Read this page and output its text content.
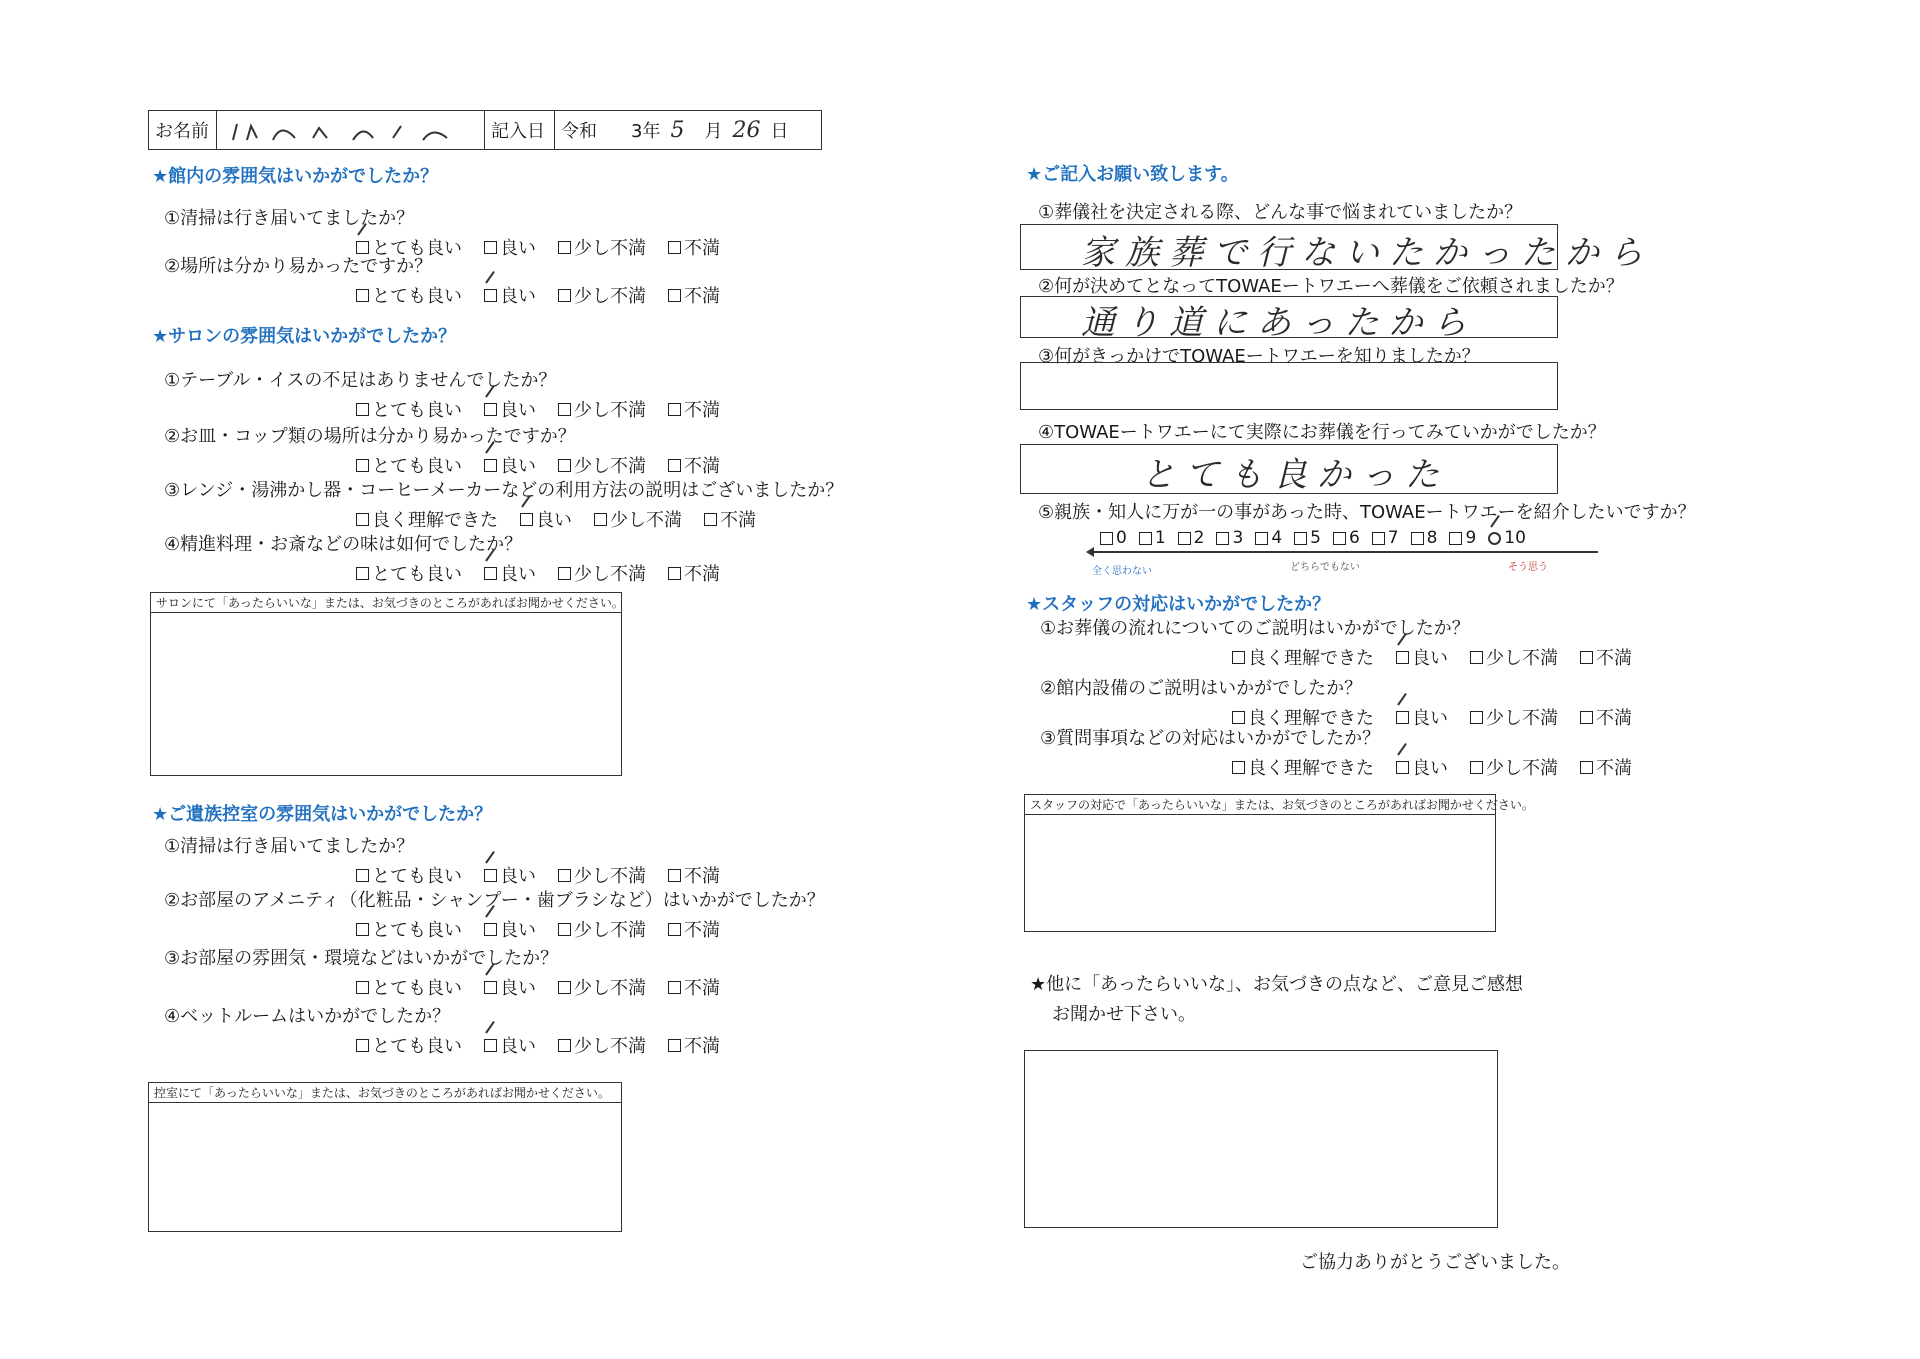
お名前	記入日 令和 3年 5 月 26 日
★館内の雰囲気はいかがでしたか？
①清掃は行き届いてましたか？
とても良い 良い 少し不満 不満
②場所は分かり易かったですか？
とても良い 良い 少し不満 不満
★サロンの雰囲気はいかがでしたか？
①テーブル・イスの不足はありませんでしたか？
とても良い 良い 少し不満 不満
②お皿・コップ類の場所は分かり易かったですか？
とても良い 良い 少し不満 不満
③レンジ・湯沸かし器・コーヒーメーカーなどの利用方法の説明はございましたか？
良く理解できた 良い 少し不満 不満
④精進料理・お斎などの味は如何でしたか？
とても良い 良い 少し不満 不満
サロンにて「あったらいいな」または、お気づきのところがあればお聞かせください。
★ご遺族控室の雰囲気はいかがでしたか？
①清掃は行き届いてましたか？
とても良い 良い 少し不満 不満
②お部屋のアメニティ（化粧品・シャンプー・歯ブラシなど）はいかがでしたか？
とても良い 良い 少し不満 不満
③お部屋の雰囲気・環境などはいかがでしたか？
とても良い 良い 少し不満 不満
④ベットルームはいかがでしたか？
とても良い 良い 少し不満 不満
控室にて「あったらいいな」または、お気づきのところがあればお聞かせください。
★ご記入お願い致します。
①葬儀社を決定される際、どんな事で悩まれていましたか？
家族葬で行ないたかったから
②何が決めてとなってTOWAEートワエーへ葬儀をご依頼されましたか？
通り道にあったから
③何がきっかけでTOWAEートワエーを知りましたか？
④TOWAEートワエーにて実際にお葬儀を行ってみていかがでしたか？
とても良かった
⑤親族・知人に万が一の事があった時、TOWAEートワエーを紹介したいですか？
0 1 2 3 4 5 6 7 8 9 10
全く思わない	どちらでもない	そう思う
★スタッフの対応はいかがでしたか？
①お葬儀の流れについてのご説明はいかがでしたか？
良く理解できた 良い 少し不満 不満
②館内設備のご説明はいかがでしたか？
良く理解できた 良い 少し不満 不満
③質問事項などの対応はいかがでしたか？
良く理解できた 良い 少し不満 不満
スタッフの対応で「あったらいいな」または、お気づきのところがあればお聞かせください。
★他に「あったらいいな」、お気づきの点など、ご意見ご感想
お聞かせ下さい。
ご協力ありがとうございました。
